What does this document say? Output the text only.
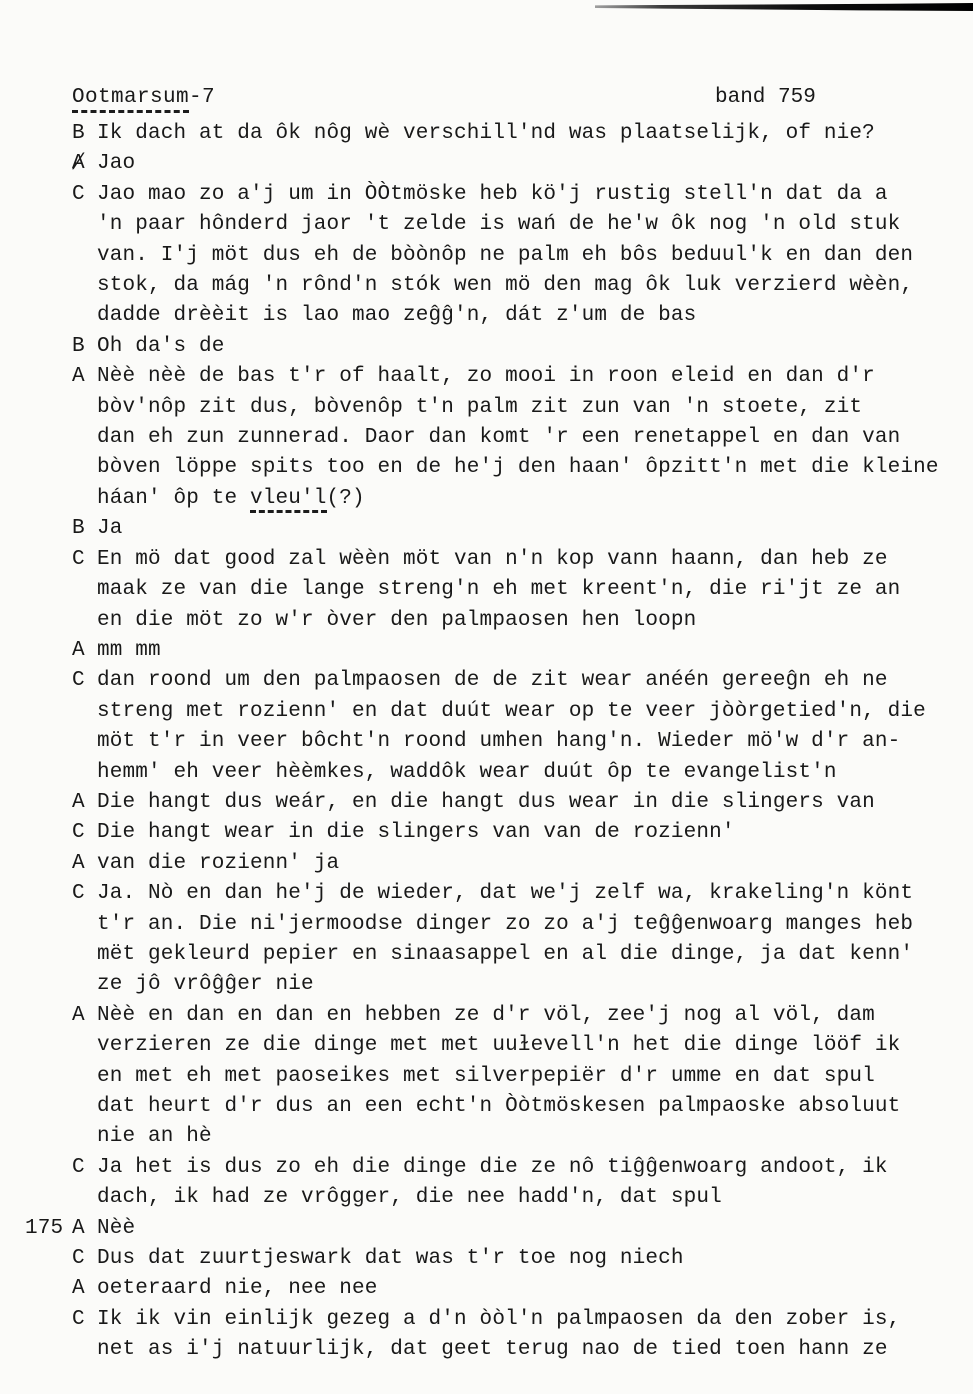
Ootmarsum-7	band 759
B Ik dach at da ôk nôg wè verschill'nd was plaatselijk, of nie?
Ⱥ Jao
C Jao mao zo a'j um in ÒÒtmöske heb kö'j rustig stell'n dat da a
'n paar hônderd jaor 't zelde is wań de he'w ôk nog 'n old stuk
van. I'j möt dus eh de bòònôp ne palm eh bôs beduul'k en dan den
stok, da mág 'n rônd'n stók wen mö den mag ôk luk verzierd wèèn,
dadde drèèit is lao mao zeĝĝ'n, dát z'um de bas
B Oh da's de
A Nèè nèè de bas t'r of haalt, zo mooi in roon eleid en dan d'r
bòv'nôp zit dus, bòvenôp t'n palm zit zun van 'n stoete, zit
dan eh zun zunnerad. Daor dan komt 'r een renetappel en dan van
bòven löppe spits too en de he'j den haan' ôpzitt'n met die kleine
háan' ôp te vleu'l(?)
B Ja
C En mö dat good zal wèèn möt van n'n kop vann haann, dan heb ze
maak ze van die lange streng'n eh met kreent'n, die ri'jt ze an
en die möt zo w'r òver den palmpaosen hen loopn
A mm mm
C dan roond um den palmpaosen de de zit wear anéén gereeĝn eh ne
streng met rozienn' en dat duút wear op te veer jòòrgetied'n, die
möt t'r in veer bôcht'n roond umhen hang'n. Wieder mö'w d'r an-
hemm' eh veer hèèmkes, waddôk wear duút ôp te evangelist'n
A Die hangt dus weár, en die hangt dus wear in die slingers van
C Die hangt wear in die slingers van van de rozienn'
A van die rozienn' ja
C Ja. Nò en dan he'j de wieder, dat we'j zelf wa, krakeling'n könt
t'r an. Die ni'jermoodse dinger zo zo a'j teĝĝenwoarg manges heb
mët gekleurd pepier en sinaasappel en al die dinge, ja dat kenn'
ze jô vrôĝĝer nie
A Nèè en dan en dan en hebben ze d'r völ, zee'j nog al völ, dam
verzieren ze die dinge met met uuɫevell'n het die dinge lööf ik
en met eh met paoseikes met silverpepiër d'r umme en dat spul
dat heurt d'r dus an een echt'n Òòtmöskesen palmpaoske absoluut
nie an hè
C Ja het is dus zo eh die dinge die ze nô tiĝĝenwoarg andoot, ik
dach, ik had ze vrôgger, die nee hadd'n, dat spul
175 A Nèè
C Dus dat zuurtjeswark dat was t'r toe nog niech
A oeteraard nie, nee nee
C Ik ik vin einlijk gezeg a d'n òòl'n palmpaosen da den zober is,
net as i'j natuurlijk, dat geet terug nao de tied toen hann ze
